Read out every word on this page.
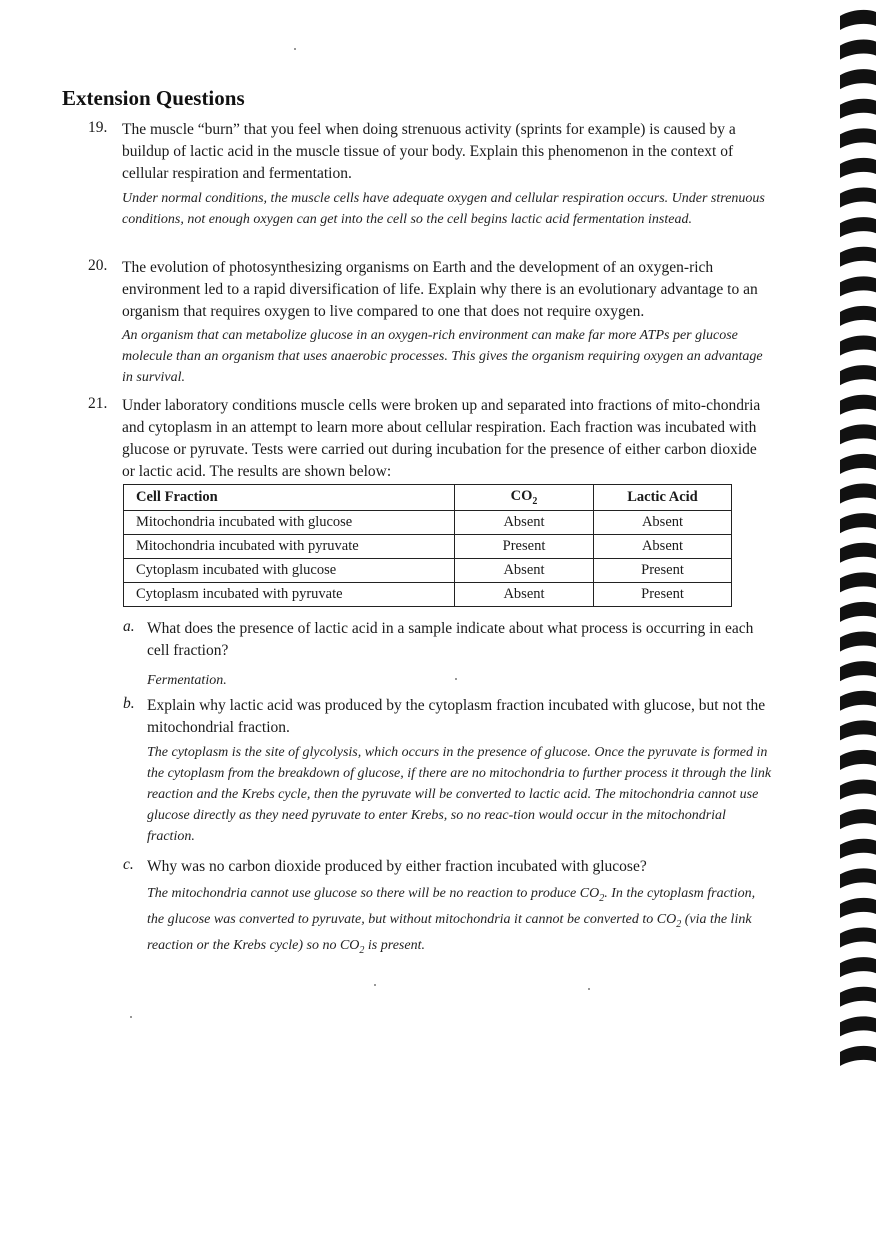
Extension Questions
19. The muscle “burn” that you feel when doing strenuous activity (sprints for example) is caused by a buildup of lactic acid in the muscle tissue of your body. Explain this phenomenon in the context of cellular respiration and fermentation.
Under normal conditions, the muscle cells have adequate oxygen and cellular respiration occurs. Under strenuous conditions, not enough oxygen can get into the cell so the cell begins lactic acid fermentation instead.
20. The evolution of photosynthesizing organisms on Earth and the development of an oxygen-rich environment led to a rapid diversification of life. Explain why there is an evolutionary advantage to an organism that requires oxygen to live compared to one that does not require oxygen.
An organism that can metabolize glucose in an oxygen-rich environment can make far more ATPs per glucose molecule than an organism that uses anaerobic processes. This gives the organism requiring oxygen an advantage in survival.
21. Under laboratory conditions muscle cells were broken up and separated into fractions of mito-chondria and cytoplasm in an attempt to learn more about cellular respiration. Each fraction was incubated with glucose or pyruvate. Tests were carried out during incubation for the presence of either carbon dioxide or lactic acid. The results are shown below:
Cell Fraction	$CO_2$	Lactic Acid
Mitochondria incubated with glucose	Absent	Absent
Mitochondria incubated with pyruvate	Present	Absent
Cytoplasm incubated with glucose	Absent	Present
Cytoplasm incubated with pyruvate	Absent	Present
a. What does the presence of lactic acid in a sample indicate about what process is occurring in each cell fraction?
Fermentation.
b. Explain why lactic acid was produced by the cytoplasm fraction incubated with glucose, but not the mitochondrial fraction.
The cytoplasm is the site of glycolysis, which occurs in the presence of glucose. Once the pyruvate is formed in the cytoplasm from the breakdown of glucose, if there are no mitochondria to further process it through the link reaction and the Krebs cycle, then the pyruvate will be converted to lactic acid. The mitochondria cannot use glucose directly as they need pyruvate to enter Krebs, so no reac-tion would occur in the mitochondrial fraction.
c. Why was no carbon dioxide produced by either fraction incubated with glucose?
The mitochondria cannot use glucose so there will be no reaction to produce $CO_2$. In the cytoplasm fraction, the glucose was converted to pyruvate, but without mitochondria it cannot be converted to $CO_2$ (via the link reaction or the Krebs cycle) so no $CO_2$ is present.
